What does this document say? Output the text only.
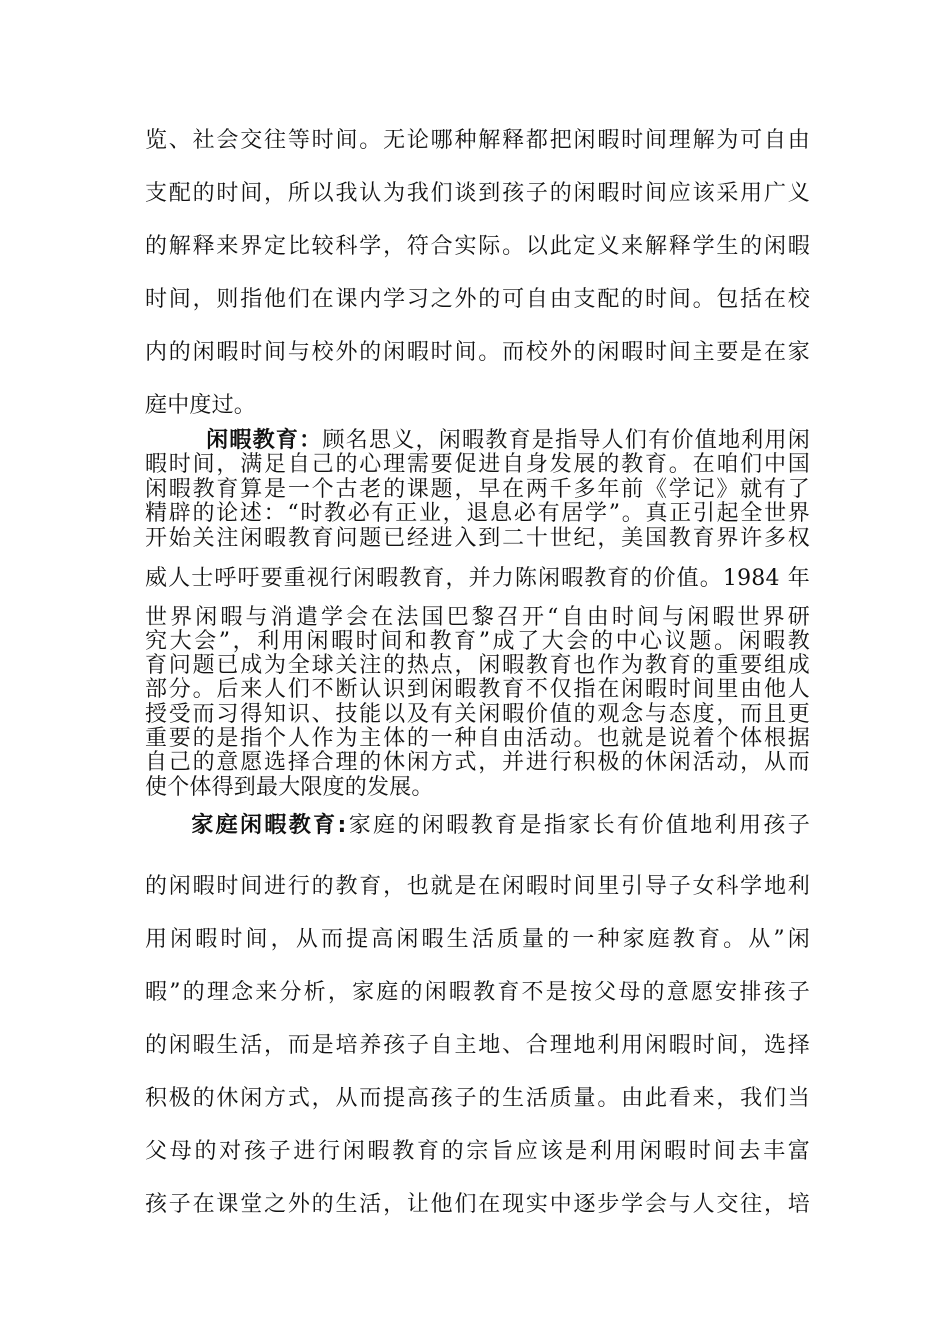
览、社会交往等时间。无论哪种解释都把闲暇时间理解为可自由
支配的时间，所以我认为我们谈到孩子的闲暇时间应该采用广义
的解释来界定比较科学，符合实际。以此定义来解释学生的闲暇
时间，则指他们在课内学习之外的可自由支配的时间。包括在校
内的闲暇时间与校外的闲暇时间。而校外的闲暇时间主要是在家
庭中度过。
闲暇教育：顾名思义，闲暇教育是指导人们有价值地利用闲
暇时间，满足自己的心理需要促进自身发展的教育。在咱们中国
闲暇教育算是一个古老的课题，早在两千多年前《学记》就有了
精辟的论述：“时教必有正业，退息必有居学”。真正引起全世界
开始关注闲暇教育问题已经进入到二十世纪，美国教育界许多权
威人士呼吁要重视行闲暇教育，并力陈闲暇教育的价值。1984 年
世界闲暇与消遣学会在法国巴黎召开“自由时间与闲暇世界研
究大会”，利用闲暇时间和教育”成了大会的中心议题。闲暇教
育问题已成为全球关注的热点，闲暇教育也作为教育的重要组成
部分。后来人们不断认识到闲暇教育不仅指在闲暇时间里由他人
授受而习得知识、技能以及有关闲暇价值的观念与态度，而且更
重要的是指个人作为主体的一种自由活动。也就是说着个体根据
自己的意愿选择合理的休闲方式，并进行积极的休闲活动，从而
使个体得到最大限度的发展。
家庭闲暇教育:家庭的闲暇教育是指家长有价值地利用孩子
的闲暇时间进行的教育，也就是在闲暇时间里引导子女科学地利
用闲暇时间，从而提高闲暇生活质量的一种家庭教育。从”闲
暇”的理念来分析，家庭的闲暇教育不是按父母的意愿安排孩子
的闲暇生活，而是培养孩子自主地、合理地利用闲暇时间，选择
积极的休闲方式，从而提高孩子的生活质量。由此看来，我们当
父母的对孩子进行闲暇教育的宗旨应该是利用闲暇时间去丰富
孩子在课堂之外的生活，让他们在现实中逐步学会与人交往，培
